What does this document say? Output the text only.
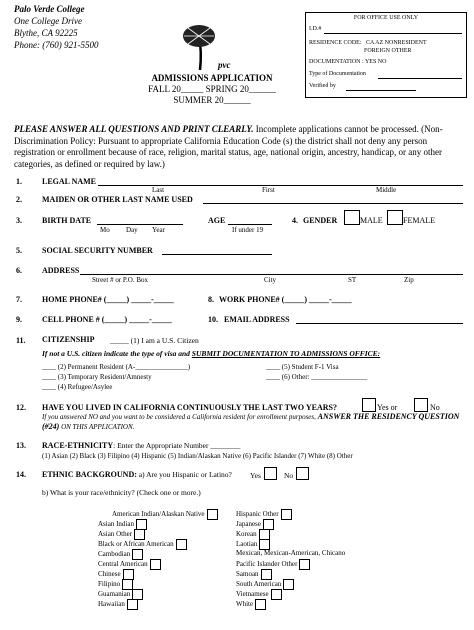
Palo Verde College
One College Drive
Blythe, CA 92225
Phone: (760) 921-5500
pvc
ADMISSIONS APPLICATION
FALL 20_____ SPRING 20______
SUMMER 20______
FOR OFFICE USE ONLY
I.D.#
RESIDENCE CODE: CA AZ NONRESIDENT
FOREIGN OTHER
DOCUMENTATION : YES NO
Type of Documentation
Verified by
PLEASE ANSWER ALL QUESTIONS AND PRINT CLEARLY. Incomplete applications cannot be processed. (Non-Discrimination Policy: Pursuant to appropriate California Education Code (s) the district shall not deny any person registration or enrollment because of race, religion, marital status, age, national origin, ancestry, handicap, or any other categories, as defined or required by law.)
1.	LEGAL NAME
Last	First	Middle
2.	MAIDEN OR OTHER LAST NAME USED
3.	BIRTH DATE
Mo Day Year
AGE
If under 19
4. GENDER	MALE	FEMALE
5.	SOCIAL SECURITY NUMBER
6.	ADDRESS
Street # or P.O. Box	City	ST	Zip
7.	HOME PHONE# (_____) _____-_____	8. WORK PHONE# (_____) _____-_____
9.	CELL PHONE # (_____) _____-_____	10. EMAIL ADDRESS
11. CITIZENSHIP _____ (1) I am a U.S. Citizen
If not a U.S. citizen indicate the type of visa and SUBMIT DOCUMENTATION TO ADMISSIONS OFFICE:
____ (2) Permanent Resident (A-_______________)
____ (3) Temporary Resident/Amnesty
____ (4) Refugee/Asylee
____ (5) Student F-1 Visa
____ (6) Other: ________________
12. HAVE YOU LIVED IN CALIFORNIA CONTINUOUSLY THE LAST TWO YEARS?	Yes or	No
If you answered NO and you want to be considered a California resident for enrollment purposes, ANSWER THE RESIDENCY QUESTION (#24) ON THIS APPLICATION.
13. RACE-ETHNICITY: Enter the Appropriate Number ________
(1) Asian (2) Black (3) Filipino (4) Hispanic (5) Indian/Alaskan Native (6) Pacific Islander (7) White (8) Other
14. ETHNIC BACKGROUND: a) Are you Hispanic or Latino? Yes	No
b) What is your race/ethnicity? (Check one or more.)
American Indian/Alaskan Native
Asian Indian
Asian Other
Black or African American
Cambodian
Central American
Chinese
Filipino
Guamanian
Hawaiian
Hispanic Other
Japanese
Korean
Laotian
Mexican, Mexican-American, Chicano
Pacific Islander Other
Samoan
South American
Vietnamese
White
